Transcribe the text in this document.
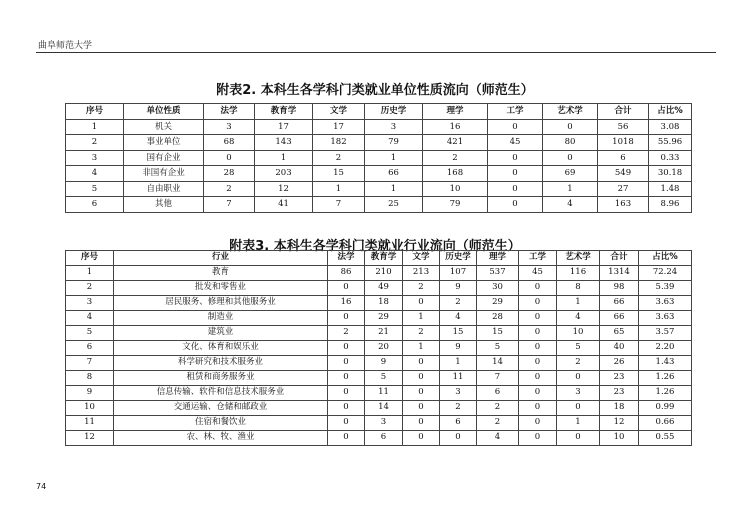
曲阜师范大学
附表2. 本科生各学科门类就业单位性质流向（师范生）
序号	单位性质	法学	教育学	文学	历史学	理学	工学	艺术学	合计	占比%
1	机关	3	17	17	3	16	0	0	56	3.08
2	事业单位	68	143	182	79	421	45	80	1018	55.96
3	国有企业	0	1	2	1	2	0	0	6	0.33
4	非国有企业	28	203	15	66	168	0	69	549	30.18
5	自由职业	2	12	1	1	10	0	1	27	1.48
6	其他	7	41	7	25	79	0	4	163	8.96
附表3. 本科生各学科门类就业行业流向（师范生）
序号	行业	法学	教育学	文学	历史学	理学	工学	艺术学	合计	占比%
1	教育	86	210	213	107	537	45	116	1314	72.24
2	批发和零售业	0	49	2	9	30	0	8	98	5.39
3	居民服务、修理和其他服务业	16	18	0	2	29	0	1	66	3.63
4	制造业	0	29	1	4	28	0	4	66	3.63
5	建筑业	2	21	2	15	15	0	10	65	3.57
6	文化、体育和娱乐业	0	20	1	9	5	0	5	40	2.20
7	科学研究和技术服务业	0	9	0	1	14	0	2	26	1.43
8	租赁和商务服务业	0	5	0	11	7	0	0	23	1.26
9	信息传输、软件和信息技术服务业	0	11	0	3	6	0	3	23	1.26
10	交通运输、仓储和邮政业	0	14	0	2	2	0	0	18	0.99
11	住宿和餐饮业	0	3	0	6	2	0	1	12	0.66
12	农、林、牧、渔业	0	6	0	0	4	0	0	10	0.55
74
